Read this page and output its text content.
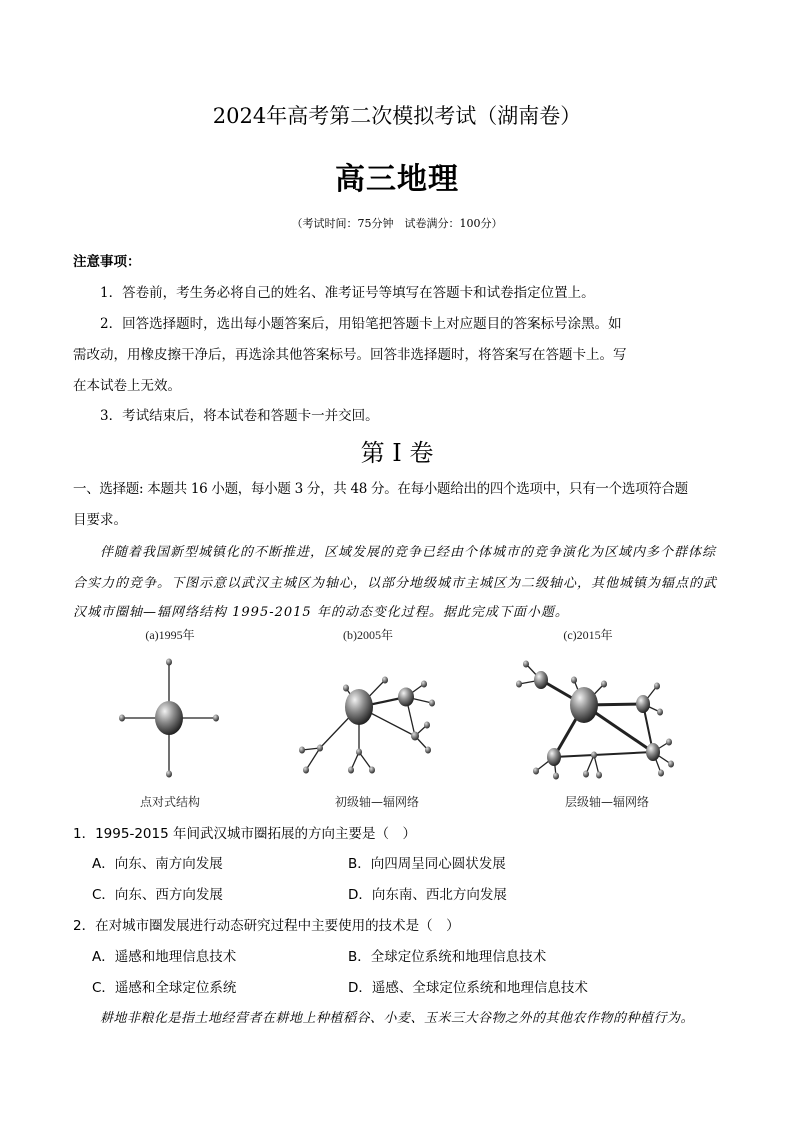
2024年高考第二次模拟考试（湖南卷）
高三地理
（考试时间：75分钟　试卷满分：100分）
注意事项：
1．答卷前，考生务必将自己的姓名、准考证号等填写在答题卡和试卷指定位置上。
2．回答选择题时，选出每小题答案后，用铅笔把答题卡上对应题目的答案标号涂黑。如
需改动，用橡皮擦干净后，再选涂其他答案标号。回答非选择题时，将答案写在答题卡上。写
在本试卷上无效。
3．考试结束后，将本试卷和答题卡一并交回。
第 I 卷
一、选择题: 本题共 16 小题，每小题 3 分，共 48 分。在每小题给出的四个选项中，只有一个选项符合题
目要求。
伴随着我国新型城镇化的不断推进，区域发展的竞争已经由个体城市的竞争演化为区域内多个群体综
合实力的竞争。下图示意以武汉主城区为轴心，以部分地级城市主城区为二级轴心，其他城镇为辐点的武
汉城市圈轴—辐网络结构 1995-2015 年的动态变化过程。据此完成下面小题。
(a)1995年	(b)2005年	(c)2015年
点对式结构	初级轴—辐网络	层级轴—辐网络
1．1995-2015 年间武汉城市圈拓展的方向主要是（　）
A．向东、南方向发展	B．向四周呈同心圆状发展
C．向东、西方向发展	D．向东南、西北方向发展
2．在对城市圈发展进行动态研究过程中主要使用的技术是（　）
A．遥感和地理信息技术	B．全球定位系统和地理信息技术
C．遥感和全球定位系统	D．遥感、全球定位系统和地理信息技术
耕地非粮化是指土地经营者在耕地上种植稻谷、小麦、玉米三大谷物之外的其他农作物的种植行为。
